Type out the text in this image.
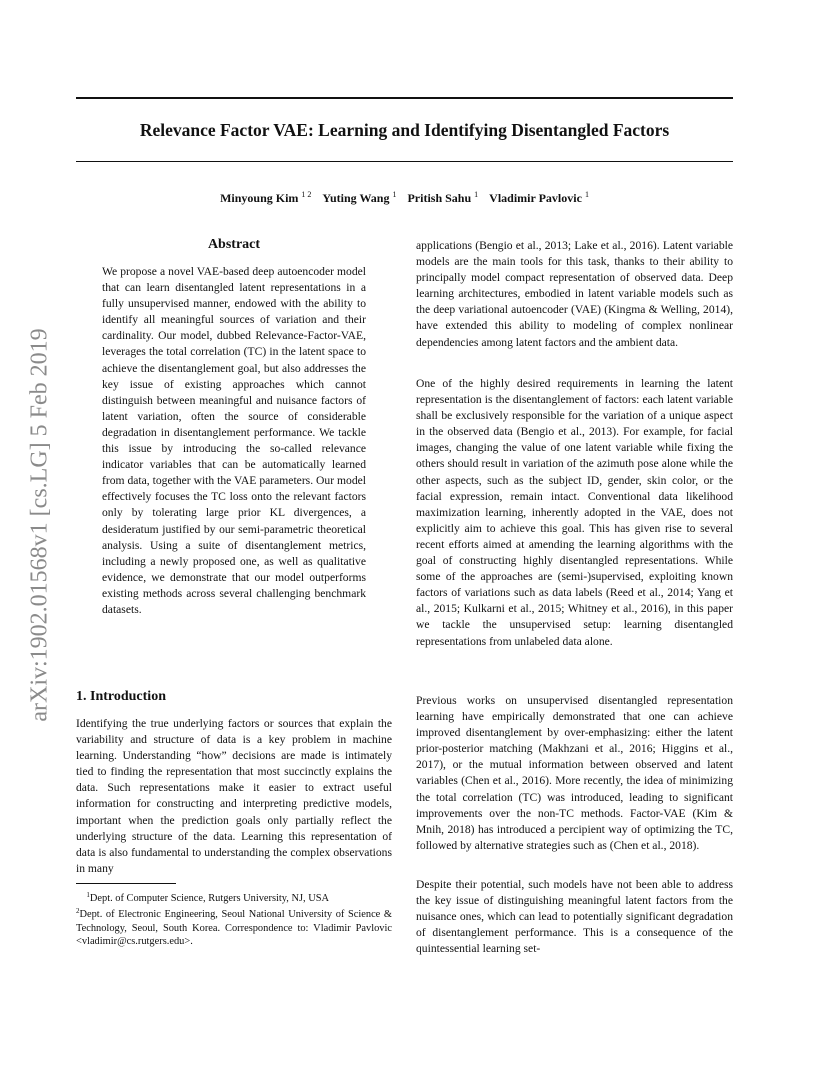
Relevance Factor VAE: Learning and Identifying Disentangled Factors
Minyoung Kim $^{1 2}$ Yuting Wang $^1$ Pritish Sahu $^1$ Vladimir Pavlovic $^1$
arXiv:1902.01568v1 [cs.LG] 5 Feb 2019
Abstract

We propose a novel VAE-based deep autoencoder model that can learn disentangled latent representations in a fully unsupervised manner, endowed with the ability to identify all meaningful sources of variation and their cardinality. Our model, dubbed Relevance-Factor-VAE, leverages the total correlation (TC) in the latent space to achieve the disentanglement goal, but also addresses the key issue of existing approaches which cannot distinguish between meaningful and nuisance factors of latent variation, often the source of considerable degradation in disentanglement performance. We tackle this issue by introducing the so-called relevance indicator variables that can be automatically learned from data, together with the VAE parameters. Our model effectively focuses the TC loss onto the relevant factors only by tolerating large prior KL divergences, a desideratum justified by our semi-parametric theoretical analysis. Using a suite of disentanglement metrics, including a newly proposed one, as well as qualitative evidence, we demonstrate that our model outperforms existing methods across several challenging benchmark datasets.

1. Introduction

Identifying the true underlying factors or sources that explain the variability and structure of data is a key problem in machine learning. Understanding “how” decisions are made is intimately tied to finding the representation that most succinctly explains the data. Such representations make it easier to extract useful information for constructing and interpreting predictive models, important when the prediction goals only partially reflect the underlying structure of the data. Learning this representation of data is also fundamental to understanding the complex observations in many

$^1$Dept. of Computer Science, Rutgers University, NJ, USA

$^2$Dept. of Electronic Engineering, Seoul National University of Science & Technology, Seoul, South Korea. Correspondence to: Vladimir Pavlovic <vladimir@cs.rutgers.edu>.

applications (Bengio et al., 2013; Lake et al., 2016). Latent variable models are the main tools for this task, thanks to their ability to principally model compact representation of observed data. Deep learning architectures, embodied in latent variable models such as the deep variational autoencoder (VAE) (Kingma & Welling, 2014), have extended this ability to modeling of complex nonlinear dependencies among latent factors and the ambient data.

One of the highly desired requirements in learning the latent representation is the disentanglement of factors: each latent variable shall be exclusively responsible for the variation of a unique aspect in the observed data (Bengio et al., 2013). For example, for facial images, changing the value of one latent variable while fixing the others should result in variation of the azimuth pose alone while the other aspects, such as the subject ID, gender, skin color, or the facial expression, remain intact. Conventional data likelihood maximization learning, inherently adopted in the VAE, does not explicitly aim to achieve this goal. This has given rise to several recent efforts aimed at amending the learning algorithms with the goal of constructing highly disentangled representations. While some of the approaches are (semi-)supervised, exploiting known factors of variations such as data labels (Reed et al., 2014; Yang et al., 2015; Kulkarni et al., 2015; Whitney et al., 2016), in this paper we tackle the unsupervised setup: learning disentangled representations from unlabeled data alone.

Previous works on unsupervised disentangled representation learning have empirically demonstrated that one can achieve improved disentanglement by over-emphasizing: either the latent prior-posterior matching (Makhzani et al., 2016; Higgins et al., 2017), or the mutual information between observed and latent variables (Chen et al., 2016). More recently, the idea of minimizing the total correlation (TC) was introduced, leading to significant improvements over the non-TC methods. Factor-VAE (Kim & Mnih, 2018) has introduced a percipient way of optimizing the TC, followed by alternative strategies such as (Chen et al., 2018).

Despite their potential, such models have not been able to address the key issue of distinguishing meaningful latent factors from the nuisance ones, which can lead to potentially significant degradation of disentanglement performance. This is a consequence of the quintessential learning set-
